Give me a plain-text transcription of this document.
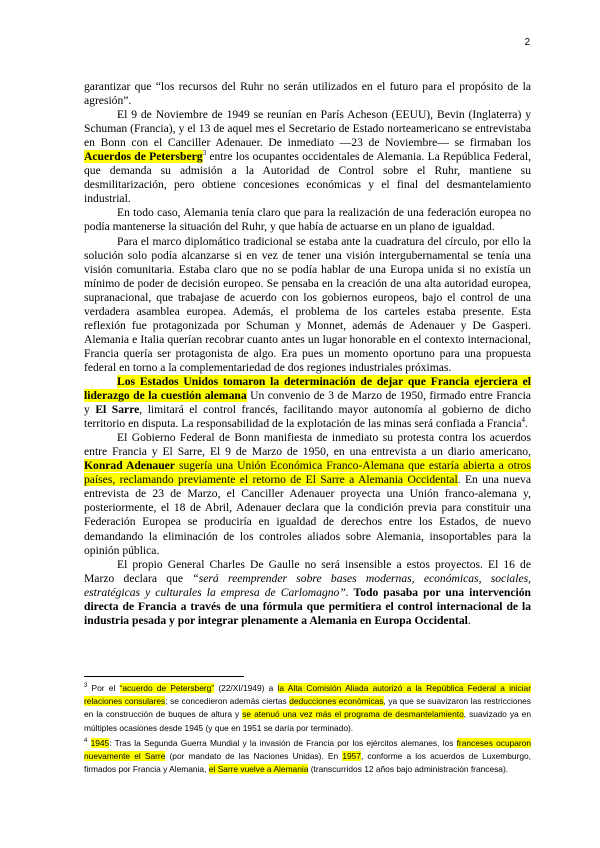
2

garantizar que “los recursos del Ruhr no serán utilizados en el futuro para el propósito de la agresión”.

El 9 de Noviembre de 1949 se reunían en París Acheson (EEUU), Bevin (Inglaterra) y Schuman (Francia), y el 13 de aquel mes el Secretario de Estado norteamericano se entrevistaba en Bonn con el Canciller Adenauer. De inmediato —23 de Noviembre— se firmaban los Acuerdos de Petersberg$^3$ entre los ocupantes occidentales de Alemania. La República Federal, que demanda su admisión a la Autoridad de Control sobre el Ruhr, mantiene su desmilitarización, pero obtiene concesiones económicas y el final del desmantelamiento industrial.

En todo caso, Alemania tenía claro que para la realización de una federación europea no podía mantenerse la situación del Ruhr, y que había de actuarse en un plano de igualdad.

Para el marco diplomático tradicional se estaba ante la cuadratura del círculo, por ello la solución solo podía alcanzarse si en vez de tener una visión intergubernamental se tenía una visión comunitaria. Estaba claro que no se podía hablar de una Europa unida si no existía un mínimo de poder de decisión europeo. Se pensaba en la creación de una alta autoridad europea, supranacional, que trabajase de acuerdo con los gobiernos europeos, bajo el control de una verdadera asamblea europea. Además, el problema de los carteles estaba presente. Esta reflexión fue protagonizada por Schuman y Monnet, además de Adenauer y De Gasperi. Alemania e Italia querían recobrar cuanto antes un lugar honorable en el contexto internacional, Francia quería ser protagonista de algo. Era pues un momento oportuno para una propuesta federal en torno a la complementariedad de dos regiones industriales próximas.

Los Estados Unidos tomaron la determinación de dejar que Francia ejerciera el liderazgo de la cuestión alemana Un convenio de 3 de Marzo de 1950, firmado entre Francia y El Sarre, limitará el control francés, facilitando mayor autonomía al gobierno de dicho territorio en disputa. La responsabilidad de la explotación de las minas será confiada a Francia$^4$.

El Gobierno Federal de Bonn manifiesta de inmediato su protesta contra los acuerdos entre Francia y El Sarre, El 9 de Marzo de 1950, en una entrevista a un diario americano, Konrad Adenauer sugería una Unión Económica Franco-Alemana que estaría abierta a otros países, reclamando previamente el retorno de El Sarre a Alemania Occidental. En una nueva entrevista de 23 de Marzo, el Canciller Adenauer proyecta una Unión franco-alemana y, posteriormente, el 18 de Abril, Adenauer declara que la condición previa para constituir una Federación Europea se produciría en igualdad de derechos entre los Estados, de nuevo demandando la eliminación de los controles aliados sobre Alemania, insoportables para la opinión pública.

El propio General Charles De Gaulle no será insensible a estos proyectos. El 16 de Marzo declara que “será reemprender sobre bases modernas, económicas, sociales, estratégicas y culturales la empresa de Carlomagno”. Todo pasaba por una intervención directa de Francia a través de una fórmula que permitiera el control internacional de la industria pesada y por integrar plenamente a Alemania en Europa Occidental.

$^3$ Por el “acuerdo de Petersberg” (22/XI/1949) a la Alta Comisión Aliada autorizó a la República Federal a iniciar relaciones consulares; se concedieron además ciertas deducciones económicas, ya que se suavizaron las restricciones en la construcción de buques de altura y se atenuó una vez más el programa de desmantelamiento, suavizado ya en múltiples ocasiones desde 1945 (y que en 1951 se daría por terminado).
$^4$ 1945: Tras la Segunda Guerra Mundial y la invasión de Francia por los ejércitos alemanes, los franceses ocuparon nuevamente el Sarre (por mandato de las Naciones Unidas). En 1957, conforme a los acuerdos de Luxemburgo, firmados por Francia y Alemania, el Sarre vuelve a Alemania (transcurridos 12 años bajo administración francesa).
